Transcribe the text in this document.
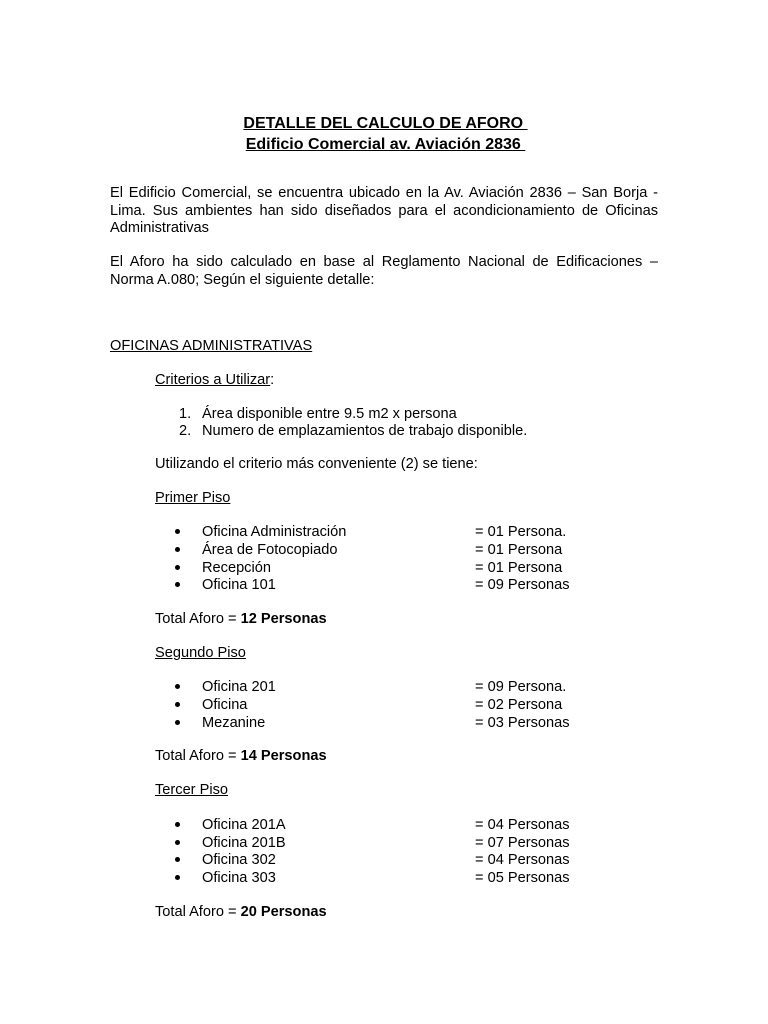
DETALLE DEL CALCULO DE AFORO
Edificio Comercial av. Aviación 2836
El Edificio Comercial, se encuentra ubicado en la Av. Aviación 2836 – San Borja - Lima. Sus ambientes han sido diseñados para el acondicionamiento de Oficinas Administrativas
El Aforo ha sido calculado en base al Reglamento Nacional de Edificaciones – Norma A.080; Según el siguiente detalle:
OFICINAS ADMINISTRATIVAS
Criterios a Utilizar:
1. Área disponible entre 9.5 m2 x persona
2. Numero de emplazamientos de trabajo disponible.
Utilizando el criterio más conveniente (2) se tiene:
Primer Piso
Oficina Administración	= 01 Persona.
Área de Fotocopiado	= 01 Persona
Recepción	= 01 Persona
Oficina 101	= 09 Personas
Total Aforo = 12 Personas
Segundo Piso
Oficina 201	= 09 Persona.
Oficina	= 02 Persona
Mezanine	= 03 Personas
Total Aforo = 14 Personas
Tercer Piso
Oficina 201A	= 04 Personas
Oficina 201B	= 07 Personas
Oficina 302	= 04 Personas
Oficina 303	= 05 Personas
Total Aforo = 20 Personas
